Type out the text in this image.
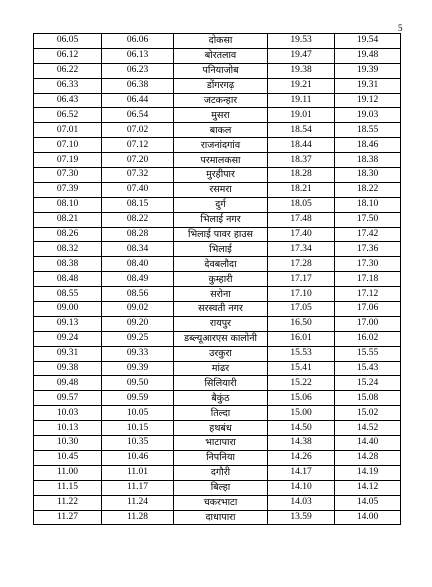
5
06.05	06.06	दोकसा	19.53	19.54
06.12	06.13	बोरतलाव	19.47	19.48
06.22	06.23	पनियाजोब	19.38	19.39
06.33	06.38	डोंगरगढ़	19.21	19.31
06.43	06.44	जटकन्हार	19.11	19.12
06.52	06.54	मुसरा	19.01	19.03
07.01	07.02	बाकल	18.54	18.55
07.10	07.12	राजनांदगांव	18.44	18.46
07.19	07.20	परमालकसा	18.37	18.38
07.30	07.32	मुरहीपार	18.28	18.30
07.39	07.40	रसमरा	18.21	18.22
08.10	08.15	दुर्ग	18.05	18.10
08.21	08.22	भिलाई नगर	17.48	17.50
08.26	08.28	भिलाई पावर हाउस	17.40	17.42
08.32	08.34	भिलाई	17.34	17.36
08.38	08.40	देवबलौदा	17.28	17.30
08.48	08.49	कुम्हारी	17.17	17.18
08.55	08.56	सरोना	17.10	17.12
09.00	09.02	सरस्वती नगर	17.05	17.06
09.13	09.20	रायपुर	16.50	17.00
09.24	09.25	डब्ल्यूआरएस कालोनी	16.01	16.02
09.31	09.33	उरकुरा	15.53	15.55
09.38	09.39	मांढर	15.41	15.43
09.48	09.50	सिलियारी	15.22	15.24
09.57	09.59	बैकुंठ	15.06	15.08
10.03	10.05	तिल्दा	15.00	15.02
10.13	10.15	हथबंध	14.50	14.52
10.30	10.35	भाटापारा	14.38	14.40
10.45	10.46	निपनिया	14.26	14.28
11.00	11.01	दगौरी	14.17	14.19
11.15	11.17	बिल्हा	14.10	14.12
11.22	11.24	चकरभाटा	14.03	14.05
11.27	11.28	दाधापारा	13.59	14.00
